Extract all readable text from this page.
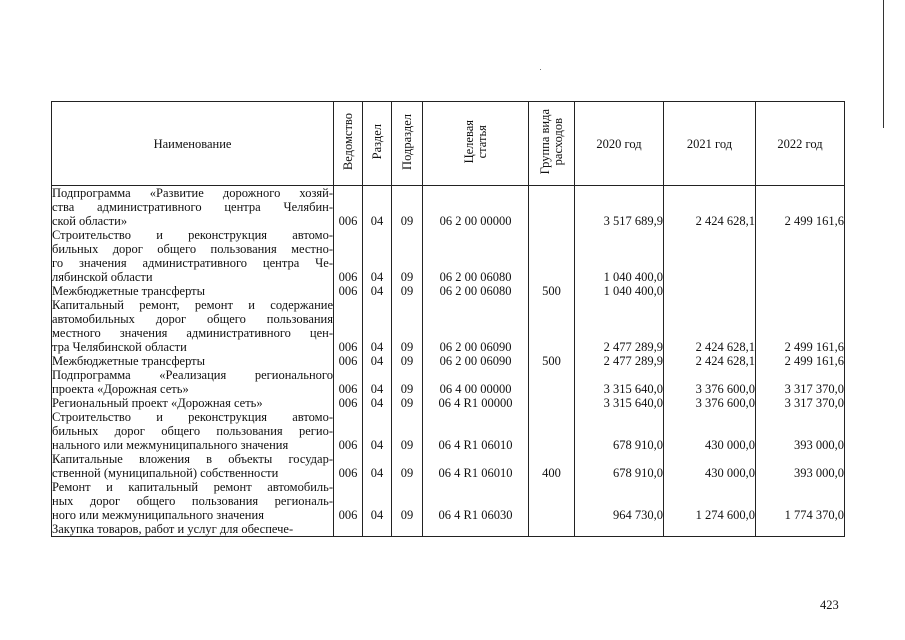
Наименование	Ведомство	Раздел	Подраздел	Целевая статья	Группа вида расходов	2020 год	2021 год	2022 год

Подпрограмма «Развитие дорожного хозяй-
ства административного центра Челябин-
ской области»	006	04	09	06 2 00 00000		3 517 689,9	2 424 628,1	2 499 161,6

Строительство и реконструкция автомо-
бильных дорог общего пользования местно-
го значения административного центра Че-
лябинской области	006	04	09	06 2 00 06080		1 040 400,0		

Межбюджетные трансферты	006	04	09	06 2 00 06080	500	1 040 400,0		

Капитальный ремонт, ремонт и содержание
автомобильных дорог общего пользования
местного значения административного цен-
тра Челябинской области	006	04	09	06 2 00 06090		2 477 289,9	2 424 628,1	2 499 161,6

Межбюджетные трансферты	006	04	09	06 2 00 06090	500	2 477 289,9	2 424 628,1	2 499 161,6

Подпрограмма «Реализация регионального
проекта «Дорожная сеть»	006	04	09	06 4 00 00000		3 315 640,0	3 376 600,0	3 317 370,0

Региональный проект «Дорожная сеть»	006	04	09	06 4 R1 00000		3 315 640,0	3 376 600,0	3 317 370,0

Строительство и реконструкция автомо-
бильных дорог общего пользования регио-
нального или межмуниципального значения	006	04	09	06 4 R1 06010		678 910,0	430 000,0	393 000,0

Капитальные вложения в объекты государ-
ственной (муниципальной) собственности	006	04	09	06 4 R1 06010	400	678 910,0	430 000,0	393 000,0

Ремонт и капитальный ремонт автомобиль-
ных дорог общего пользования региональ-
ного или межмуниципального значения	006	04	09	06 4 R1 06030		964 730,0	1 274 600,0	1 774 370,0

Закупка товаров, работ и услуг для обеспече-								

423
